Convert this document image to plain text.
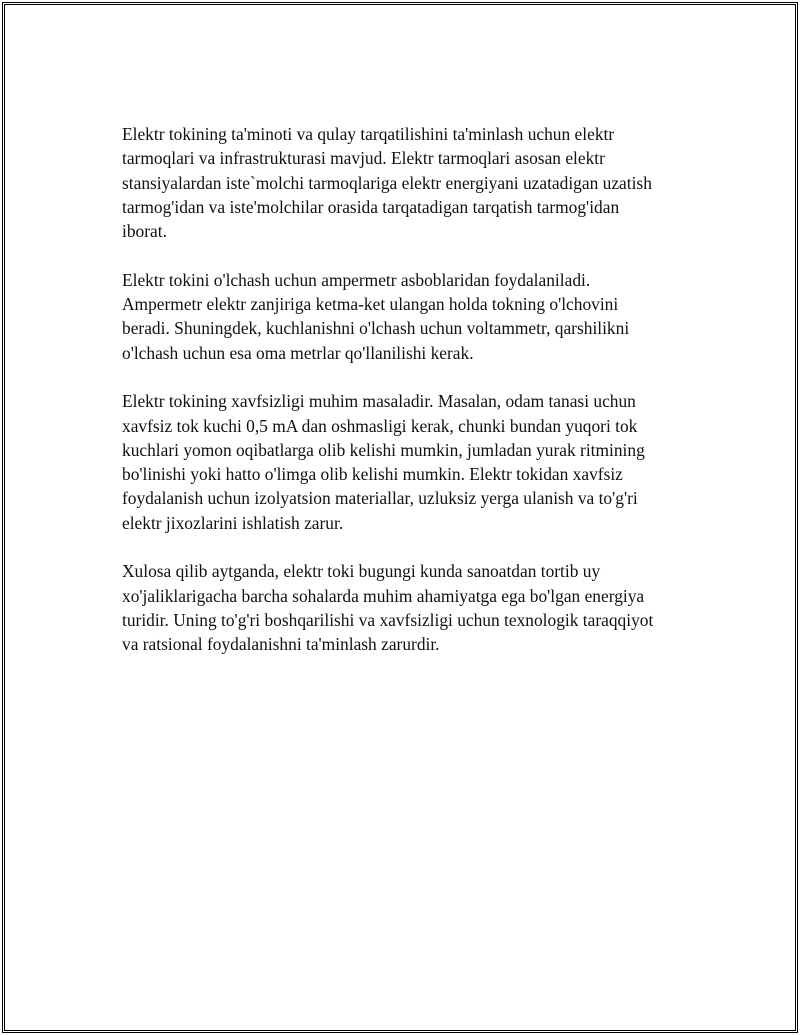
Elektr tokining ta'minoti va qulay tarqatilishini ta'minlash uchun elektr
tarmoqlari va infrastrukturasi mavjud. Elektr tarmoqlari asosan elektr
stansiyalardan iste`molchi tarmoqlariga elektr energiyani uzatadigan uzatish
tarmog'idan va iste'molchilar orasida tarqatadigan tarqatish tarmog'idan
iborat.

Elektr tokini o'lchash uchun ampermetr asboblaridan foydalaniladi.
Ampermetr elektr zanjiriga ketma-ket ulangan holda tokning o'lchovini
beradi. Shuningdek, kuchlanishni o'lchash uchun voltammetr, qarshilikni
o'lchash uchun esa oma metrlar qo'llanilishi kerak.

Elektr tokining xavfsizligi muhim masaladir. Masalan, odam tanasi uchun
xavfsiz tok kuchi 0,5 mA dan oshmasligi kerak, chunki bundan yuqori tok
kuchlari yomon oqibatlarga olib kelishi mumkin, jumladan yurak ritmining
bo'linishi yoki hatto o'limga olib kelishi mumkin. Elektr tokidan xavfsiz
foydalanish uchun izolyatsion materiallar, uzluksiz yerga ulanish va to'g'ri
elektr jixozlarini ishlatish zarur.

Xulosa qilib aytganda, elektr toki bugungi kunda sanoatdan tortib uy
xo'jaliklarigacha barcha sohalarda muhim ahamiyatga ega bo'lgan energiya
turidir. Uning to'g'ri boshqarilishi va xavfsizligi uchun texnologik taraqqiyot
va ratsional foydalanishni ta'minlash zarurdir.
